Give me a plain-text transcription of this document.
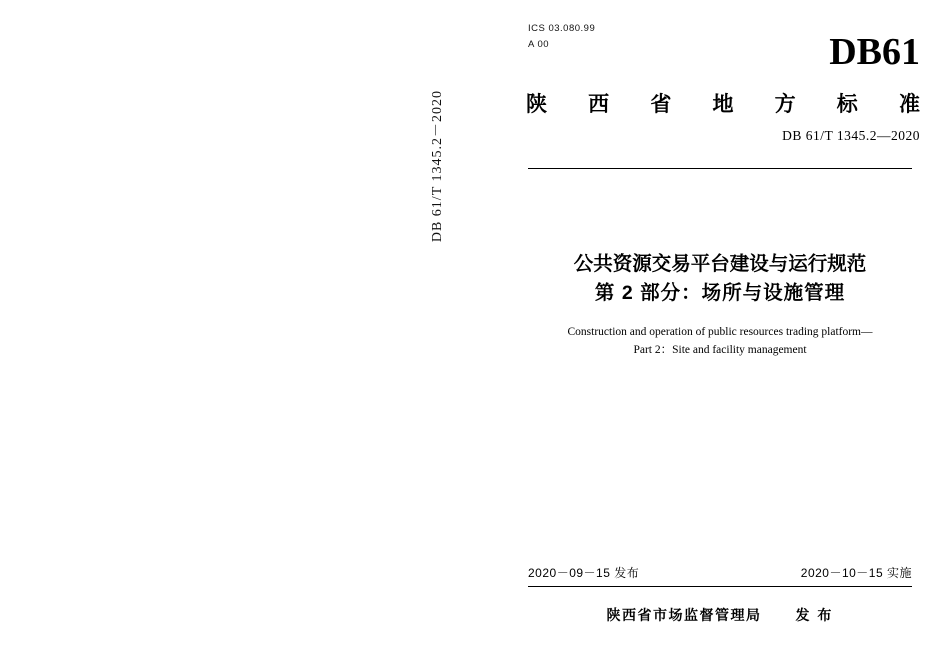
DB 61/T 1345.2－2020
ICS 03.080.99
A 00	DB61
陕 西 省 地 方 标 准
DB 61/T 1345.2—2020
公共资源交易平台建设与运行规范
第 2 部分：场所与设施管理
Construction and operation of public resources trading platform—
Part 2：Site and facility management
2020－09－15 发布	2020－10－15 实施
陕西省市场监督管理局 发 布
